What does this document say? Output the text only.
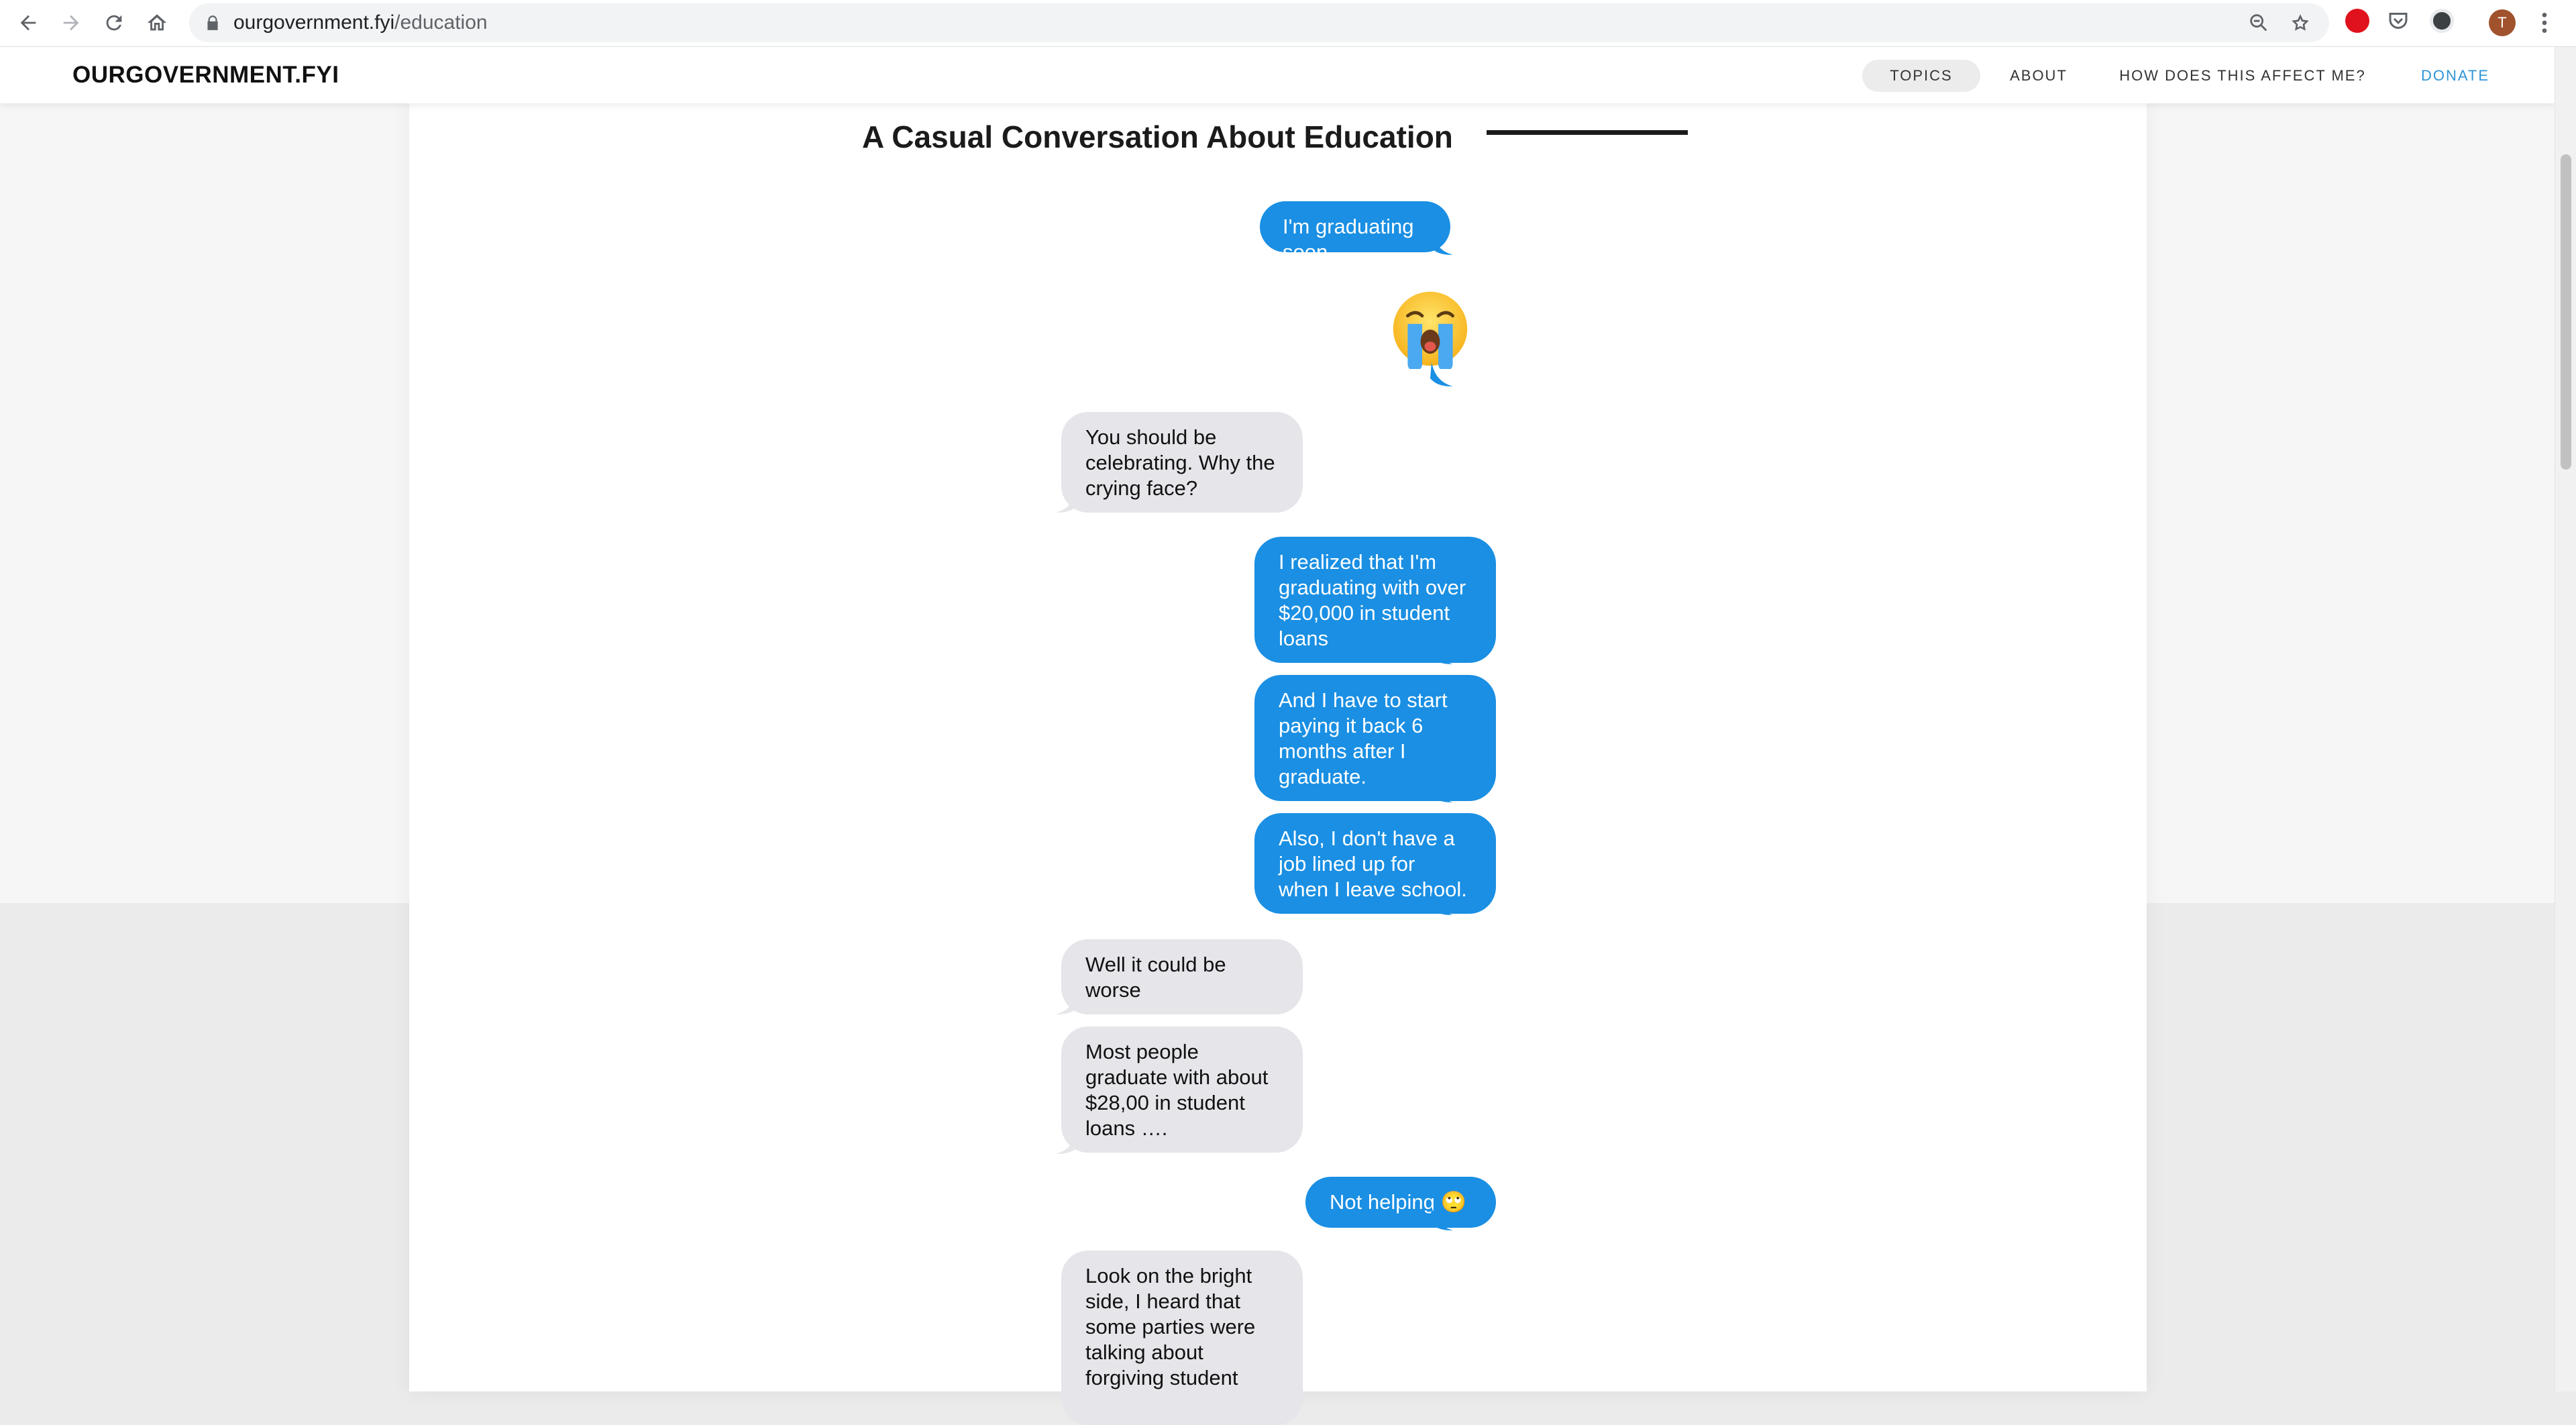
ourgovernment.fyi/education	T
OURGOVERNMENT.FYI	TOPICS	ABOUT	HOW DOES THIS AFFECT ME?	DONATE
A Casual Conversation About Education
I'm graduating soon
You should be
celebrating. Why the
crying face?
I realized that I'm
graduating with over
$20,000 in student
loans
And I have to start
paying it back 6
months after I
graduate.
Also, I don't have a
job lined up for
when I leave school.
Well it could be
worse
Most people
graduate with about
$28,00 in student
loans ….
Not helping 🙄
Look on the bright
side, I heard that
some parties were
talking about
forgiving student
